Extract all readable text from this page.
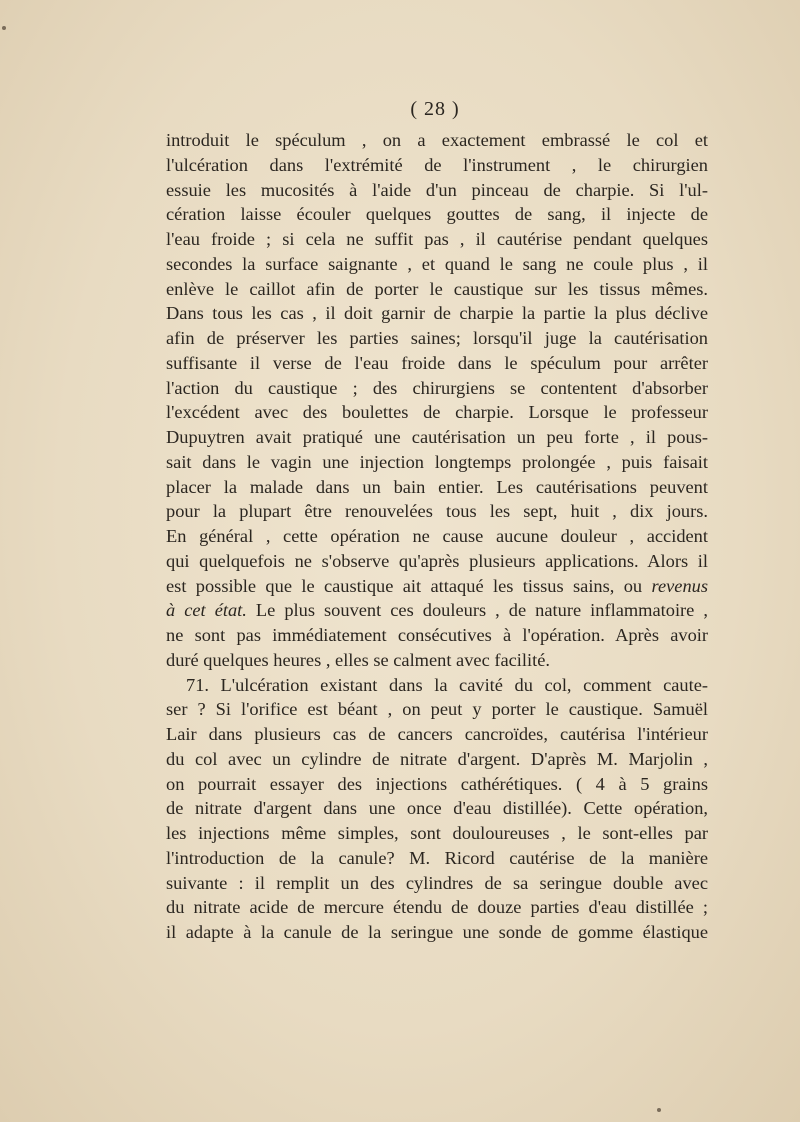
( 28 )
introduit le spéculum , on a exactement embrassé le col et
l'ulcération dans l'extrémité de l'instrument , le chirurgien
essuie les mucosités à l'aide d'un pinceau de charpie. Si l'ul-
cération laisse écouler quelques gouttes de sang, il injecte de
l'eau froide ; si cela ne suffit pas , il cautérise pendant quelques
secondes la surface saignante , et quand le sang ne coule plus , il
enlève le caillot afin de porter le caustique sur les tissus mêmes.
Dans tous les cas , il doit garnir de charpie la partie la plus déclive
afin de préserver les parties saines; lorsqu'il juge la cautérisation
suffisante il verse de l'eau froide dans le spéculum pour arrêter
l'action du caustique ; des chirurgiens se contentent d'absorber
l'excédent avec des boulettes de charpie. Lorsque le professeur
Dupuytren avait pratiqué une cautérisation un peu forte , il pous-
sait dans le vagin une injection longtemps prolongée , puis faisait
placer la malade dans un bain entier. Les cautérisations peuvent
pour la plupart être renouvelées tous les sept, huit , dix jours.
En général , cette opération ne cause aucune douleur , accident
qui quelquefois ne s'observe qu'après plusieurs applications. Alors il
est possible que le caustique ait attaqué les tissus sains, ou revenus
à cet état. Le plus souvent ces douleurs , de nature inflammatoire ,
ne sont pas immédiatement consécutives à l'opération. Après avoir
duré quelques heures , elles se calment avec facilité.
71. L'ulcération existant dans la cavité du col, comment caute-
ser ? Si l'orifice est béant , on peut y porter le caustique. Samuël
Lair dans plusieurs cas de cancers cancroïdes, cautérisa l'intérieur
du col avec un cylindre de nitrate d'argent. D'après M. Marjolin ,
on pourrait essayer des injections cathérétiques. ( 4 à 5 grains
de nitrate d'argent dans une once d'eau distillée). Cette opération,
les injections même simples, sont douloureuses , le sont-elles par
l'introduction de la canule? M. Ricord cautérise de la manière
suivante : il remplit un des cylindres de sa seringue double avec
du nitrate acide de mercure étendu de douze parties d'eau distillée ;
il adapte à la canule de la seringue une sonde de gomme élastique
